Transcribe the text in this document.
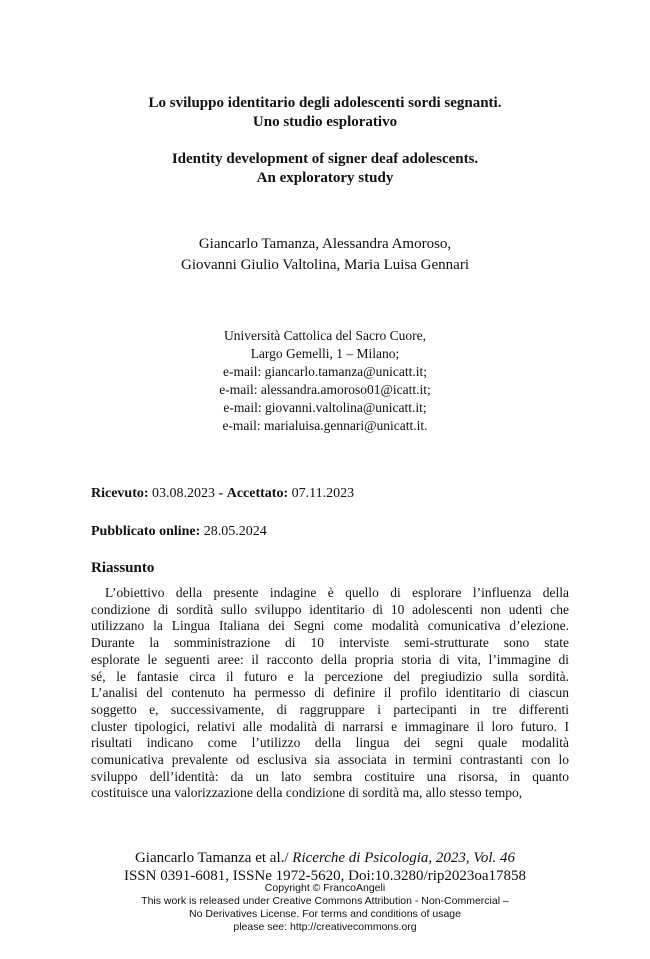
Lo sviluppo identitario degli adolescenti sordi segnanti.
Uno studio esplorativo
Identity development of signer deaf adolescents.
An exploratory study
Giancarlo Tamanza, Alessandra Amoroso,
Giovanni Giulio Valtolina, Maria Luisa Gennari
Università Cattolica del Sacro Cuore,
Largo Gemelli, 1 – Milano;
e-mail: giancarlo.tamanza@unicatt.it;
e-mail: alessandra.amoroso01@icatt.it;
e-mail: giovanni.valtolina@unicatt.it;
e-mail: marialuisa.gennari@unicatt.it.
Ricevuto: 03.08.2023 - Accettato: 07.11.2023
Pubblicato online: 28.05.2024
Riassunto
L’obiettivo della presente indagine è quello di esplorare l’influenza della
condizione di sordità sullo sviluppo identitario di 10 adolescenti non udenti che
utilizzano la Lingua Italiana dei Segni come modalità comunicativa d’elezione.
Durante la somministrazione di 10 interviste semi-strutturate sono state
esplorate le seguenti aree: il racconto della propria storia di vita, l’immagine di
sé, le fantasie circa il futuro e la percezione del pregiudizio sulla sordità.
L’analisi del contenuto ha permesso di definire il profilo identitario di ciascun
soggetto e, successivamente, di raggruppare i partecipanti in tre differenti
cluster tipologici, relativi alle modalità di narrarsi e immaginare il loro futuro. I
risultati indicano come l’utilizzo della lingua dei segni quale modalità
comunicativa prevalente od esclusiva sia associata in termini contrastanti con lo
sviluppo dell’identità: da un lato sembra costituire una risorsa, in quanto
costituisce una valorizzazione della condizione di sordità ma, allo stesso tempo,
Giancarlo Tamanza et al./ Ricerche di Psicologia, 2023, Vol. 46
ISSN 0391-6081, ISSNe 1972-5620, Doi:10.3280/rip2023oa17858
Copyright © FrancoAngeli
This work is released under Creative Commons Attribution - Non-Commercial –
No Derivatives License. For terms and conditions of usage
please see: http://creativecommons.org
